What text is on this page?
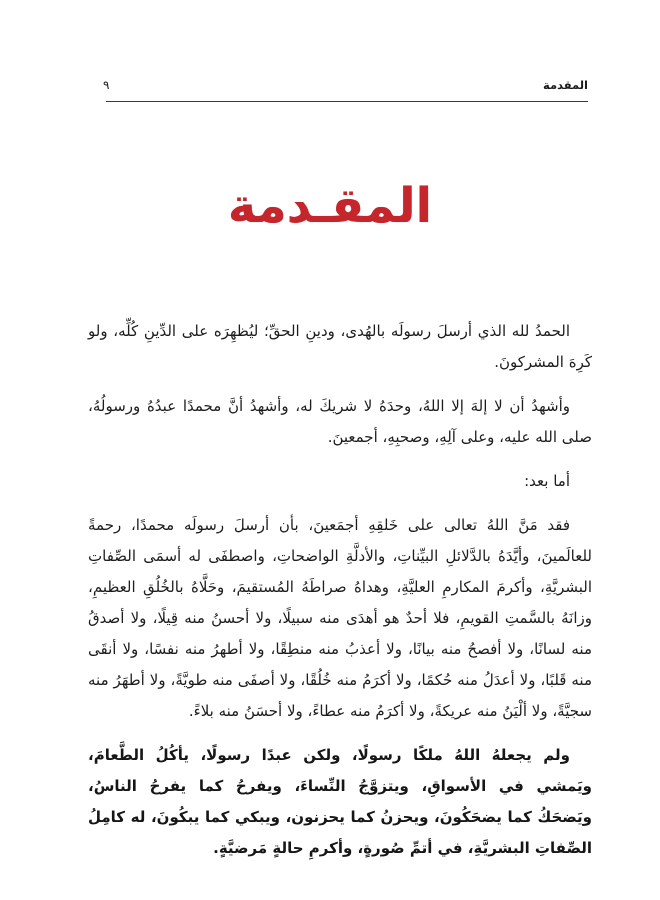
المقدمة
٩
المقـدمة

الحمدُ لله الذي أرسلَ رسولَه بالهُدى، ودينِ الحقِّ؛ ليُظهِرَه على الدِّينِ كُلِّه، ولو كَرِهَ المشركونَ.

وأشهدُ أن لا إلهَ إلا اللهُ، وحدَهُ لا شريكَ له، وأشهدُ أنَّ محمدًا عبدُهُ ورسولُهُ، صلى الله عليه، وعلى آلِهِ، وصحبِهِ، أجمعينَ.

أما بعد:

فقد مَنَّ اللهُ تعالى على خَلقِهِ أجمَعينَ، بأن أرسلَ رسولَه محمدًا، رحمةً للعالَمينَ، وأيَّدَهُ بالدَّلائلِ البيِّناتِ، والأدلَّةِ الواضحاتِ، واصطفَى له أسمَى الصِّفاتِ البشريَّةِ، وأكرمَ المكارمِ العليَّةِ، وهداهُ صراطَهُ المُستقيمَ، وحَلَّاهُ بالخُلُقِ العظيمِ، وزانَهُ بالسَّمتِ القويمِ، فلا أحدٌ هو أهدَى منه سبيلًا، ولا أحسنُ منه قِيلًا، ولا أصدقُ منه لسانًا، ولا أفصحُ منه بيانًا، ولا أعذبُ منه منطِقًا، ولا أطهرُ منه نفسًا، ولا أنقَى منه قَلبًا، ولا أعدَلُ منه حُكمًا، ولا أكرَمُ منه خُلُقًا، ولا أصفَى منه طويَّةً، ولا أطهَرُ منه سجيَّةً، ولا ألْيَنُ منه عريكةً، ولا أكرَمُ منه عطاءً، ولا أحسَنُ منه بلاءً.

ولم يجعلهُ اللهُ ملكًا رسولًا، ولكن عبدًا رسولًا، يأكُلُ الطَّعامَ، ويَمشي في الأسواقِ، ويتزوَّجُ النِّساءَ، ويفرحُ كما يفرحُ الناسُ، ويَضحَكُ كما يضحَكُونَ، ويحزنُ كما يحزنون، ويبكي كما يبكُونَ، له كامِلُ الصِّفاتِ البشريَّةِ، في أتمِّ صُورةٍ، وأكرمِ حالةٍ مَرضيَّةٍ.
